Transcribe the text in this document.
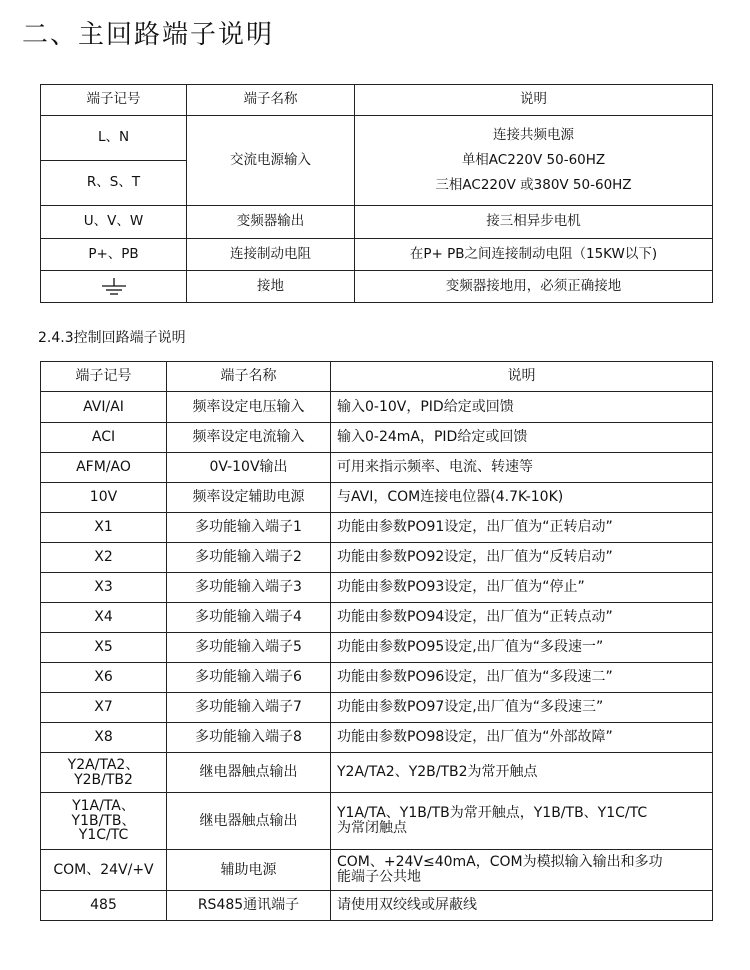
二、主回路端子说明
端子记号	端子名称	说明
L、N	交流电源输入	连接共频电源
单相AC220V 50-60HZ
三相AC220V 或380V 50-60HZ

R、S、T		
U、V、W	变频器输出	接三相异步电机
P+、PB	连接制动电阻	在P+ PB之间连接制动电阻（15KW以下)

	接地	变频器接地用，必须正确接地
2.4.3控制回路端子说明
端子记号	端子名称	说明

AVI/AI	频率设定电压输入	输入0-10V，PID给定或回馈

ACI	频率设定电流输入	输入0-24mA，PID给定或回馈

AFM/AO	0V-10V输出	可用来指示频率、电流、转速等

10V	频率设定辅助电源	与AVI，COM连接电位器(4.7K-10K)

X1	多功能输入端子1	功能由参数PO91设定，出厂值为“正转启动”

X2	多功能输入端子2	功能由参数PO92设定，出厂值为“反转启动”

X3	多功能输入端子3	功能由参数PO93设定，出厂值为“停止”

X4	多功能输入端子4	功能由参数PO94设定，出厂值为“正转点动”

X5	多功能输入端子5	功能由参数PO95设定,出厂值为“多段速一”

X6	多功能输入端子6	功能由参数PO96设定，出厂值为“多段速二”

X7	多功能输入端子7	功能由参数PO97设定,出厂值为“多段速三”

X8	多功能输入端子8	功能由参数PO98设定，出厂值为“外部故障”

Y2A/TA2、
Y2B/TB2	继电器触点输出	Y2A/TA2、Y2B/TB2为常开触点

Y1A/TA、
Y1B/TB、
Y1C/TC	继电器触点输出	Y1A/TA、Y1B/TB为常开触点，Y1B/TB、Y1C/TC
为常闭触点

COM、24V/+V	辅助电源	COM、+24V≤40mA，COM为模拟输入输出和多功
能端子公共地

485	RS485通讯端子	请使用双绞线或屏蔽线
